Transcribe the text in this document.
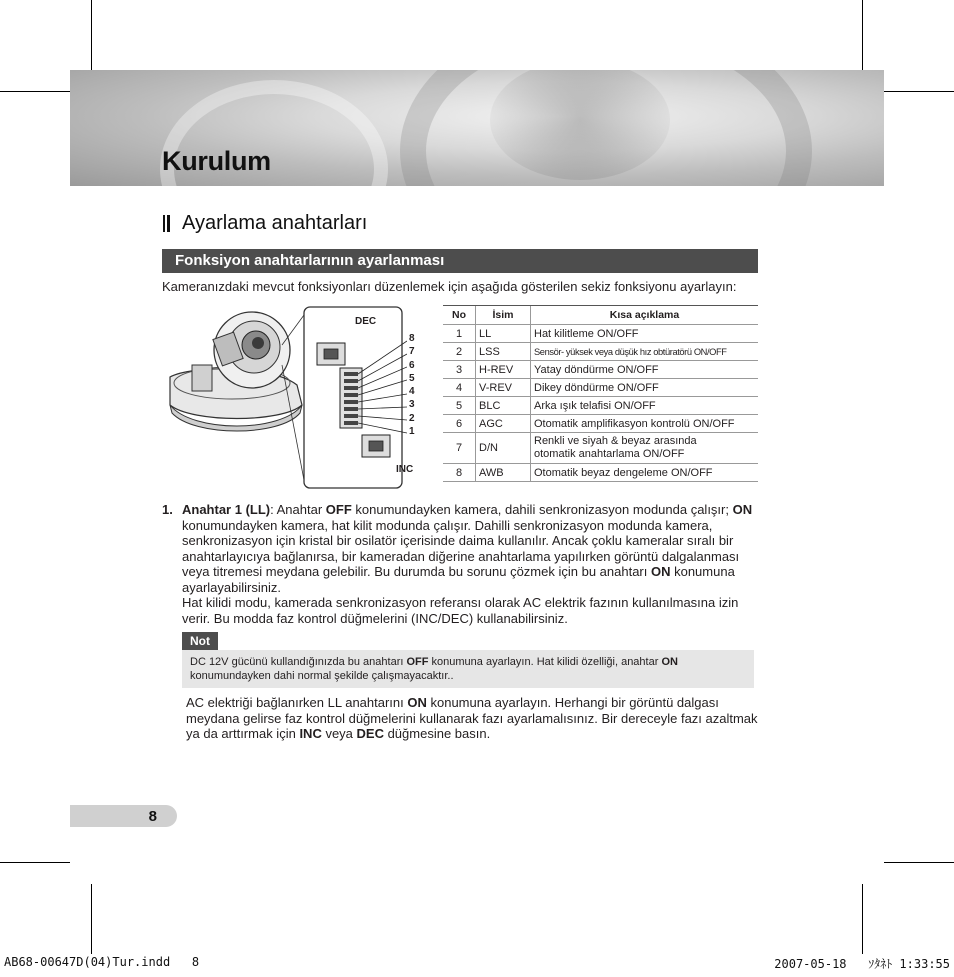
Kurulum
Ayarlama anahtarları
Fonksiyon anahtarlarının ayarlanması
Kameranızdaki mevcut fonksiyonları düzenlemek için aşağıda gösterilen sekiz fonksiyonu ayarlayın:
DEC
INC
8
7
6
5
4
3
2
1
No	İsim	Kısa açıklama
1	LL	Hat kilitleme ON/OFF
2	LSS	Sensör- yüksek veya düşük hız obtüratörü ON/OFF
3	H-REV	Yatay döndürme ON/OFF
4	V-REV	Dikey döndürme ON/OFF
5	BLC	Arka ışık telafisi ON/OFF
6	AGC	Otomatik amplifikasyon kontrolü ON/OFF
7	D/N	Renkli ve siyah & beyaz arasında
otomatik anahtarlama ON/OFF

8	AWB	Otomatik beyaz dengeleme ON/OFF
1. Anahtar 1 (LL): Anahtar OFF konumundayken kamera, dahili senkronizasyon modunda çalışır; ON konumundayken kamera, hat kilit modunda çalışır. Dahilli senkronizasyon modunda kamera, senkronizasyon için kristal bir osilatör içerisinde daima kullanılır. Ancak çoklu kameralar sıralı bir anahtarlayıcıya bağlanırsa, bir kameradan diğerine anahtarlama yapılırken görüntü dalgalanması veya titremesi meydana gelebilir. Bu durumda bu sorunu çözmek için bu anahtarı ON konumuna ayarlayabilirsiniz.
Hat kilidi modu, kamerada senkronizasyon referansı olarak AC elektrik fazının kullanılmasına izin verir. Bu modda faz kontrol düğmelerini (INC/DEC) kullanabilirsiniz.
Not

DC 12V gücünü kullandığınızda bu anahtarı OFF konumuna ayarlayın. Hat kilidi özelliği, anahtar ON konumundayken dahi normal şekilde çalışmayacaktır..

AC elektriği bağlanırken LL anahtarını ON konumuna ayarlayın. Herhangi bir görüntü dalgası meydana gelirse faz kontrol düğmelerini kullanarak fazı ayarlamalısınız. Bir dereceyle fazı azaltmak ya da arttırmak için INC veya DEC düğmesine basın.
8
AB68-00647D(04)Tur.indd   8	2007-05-18   ｿﾀﾈﾄ 1:33:55
